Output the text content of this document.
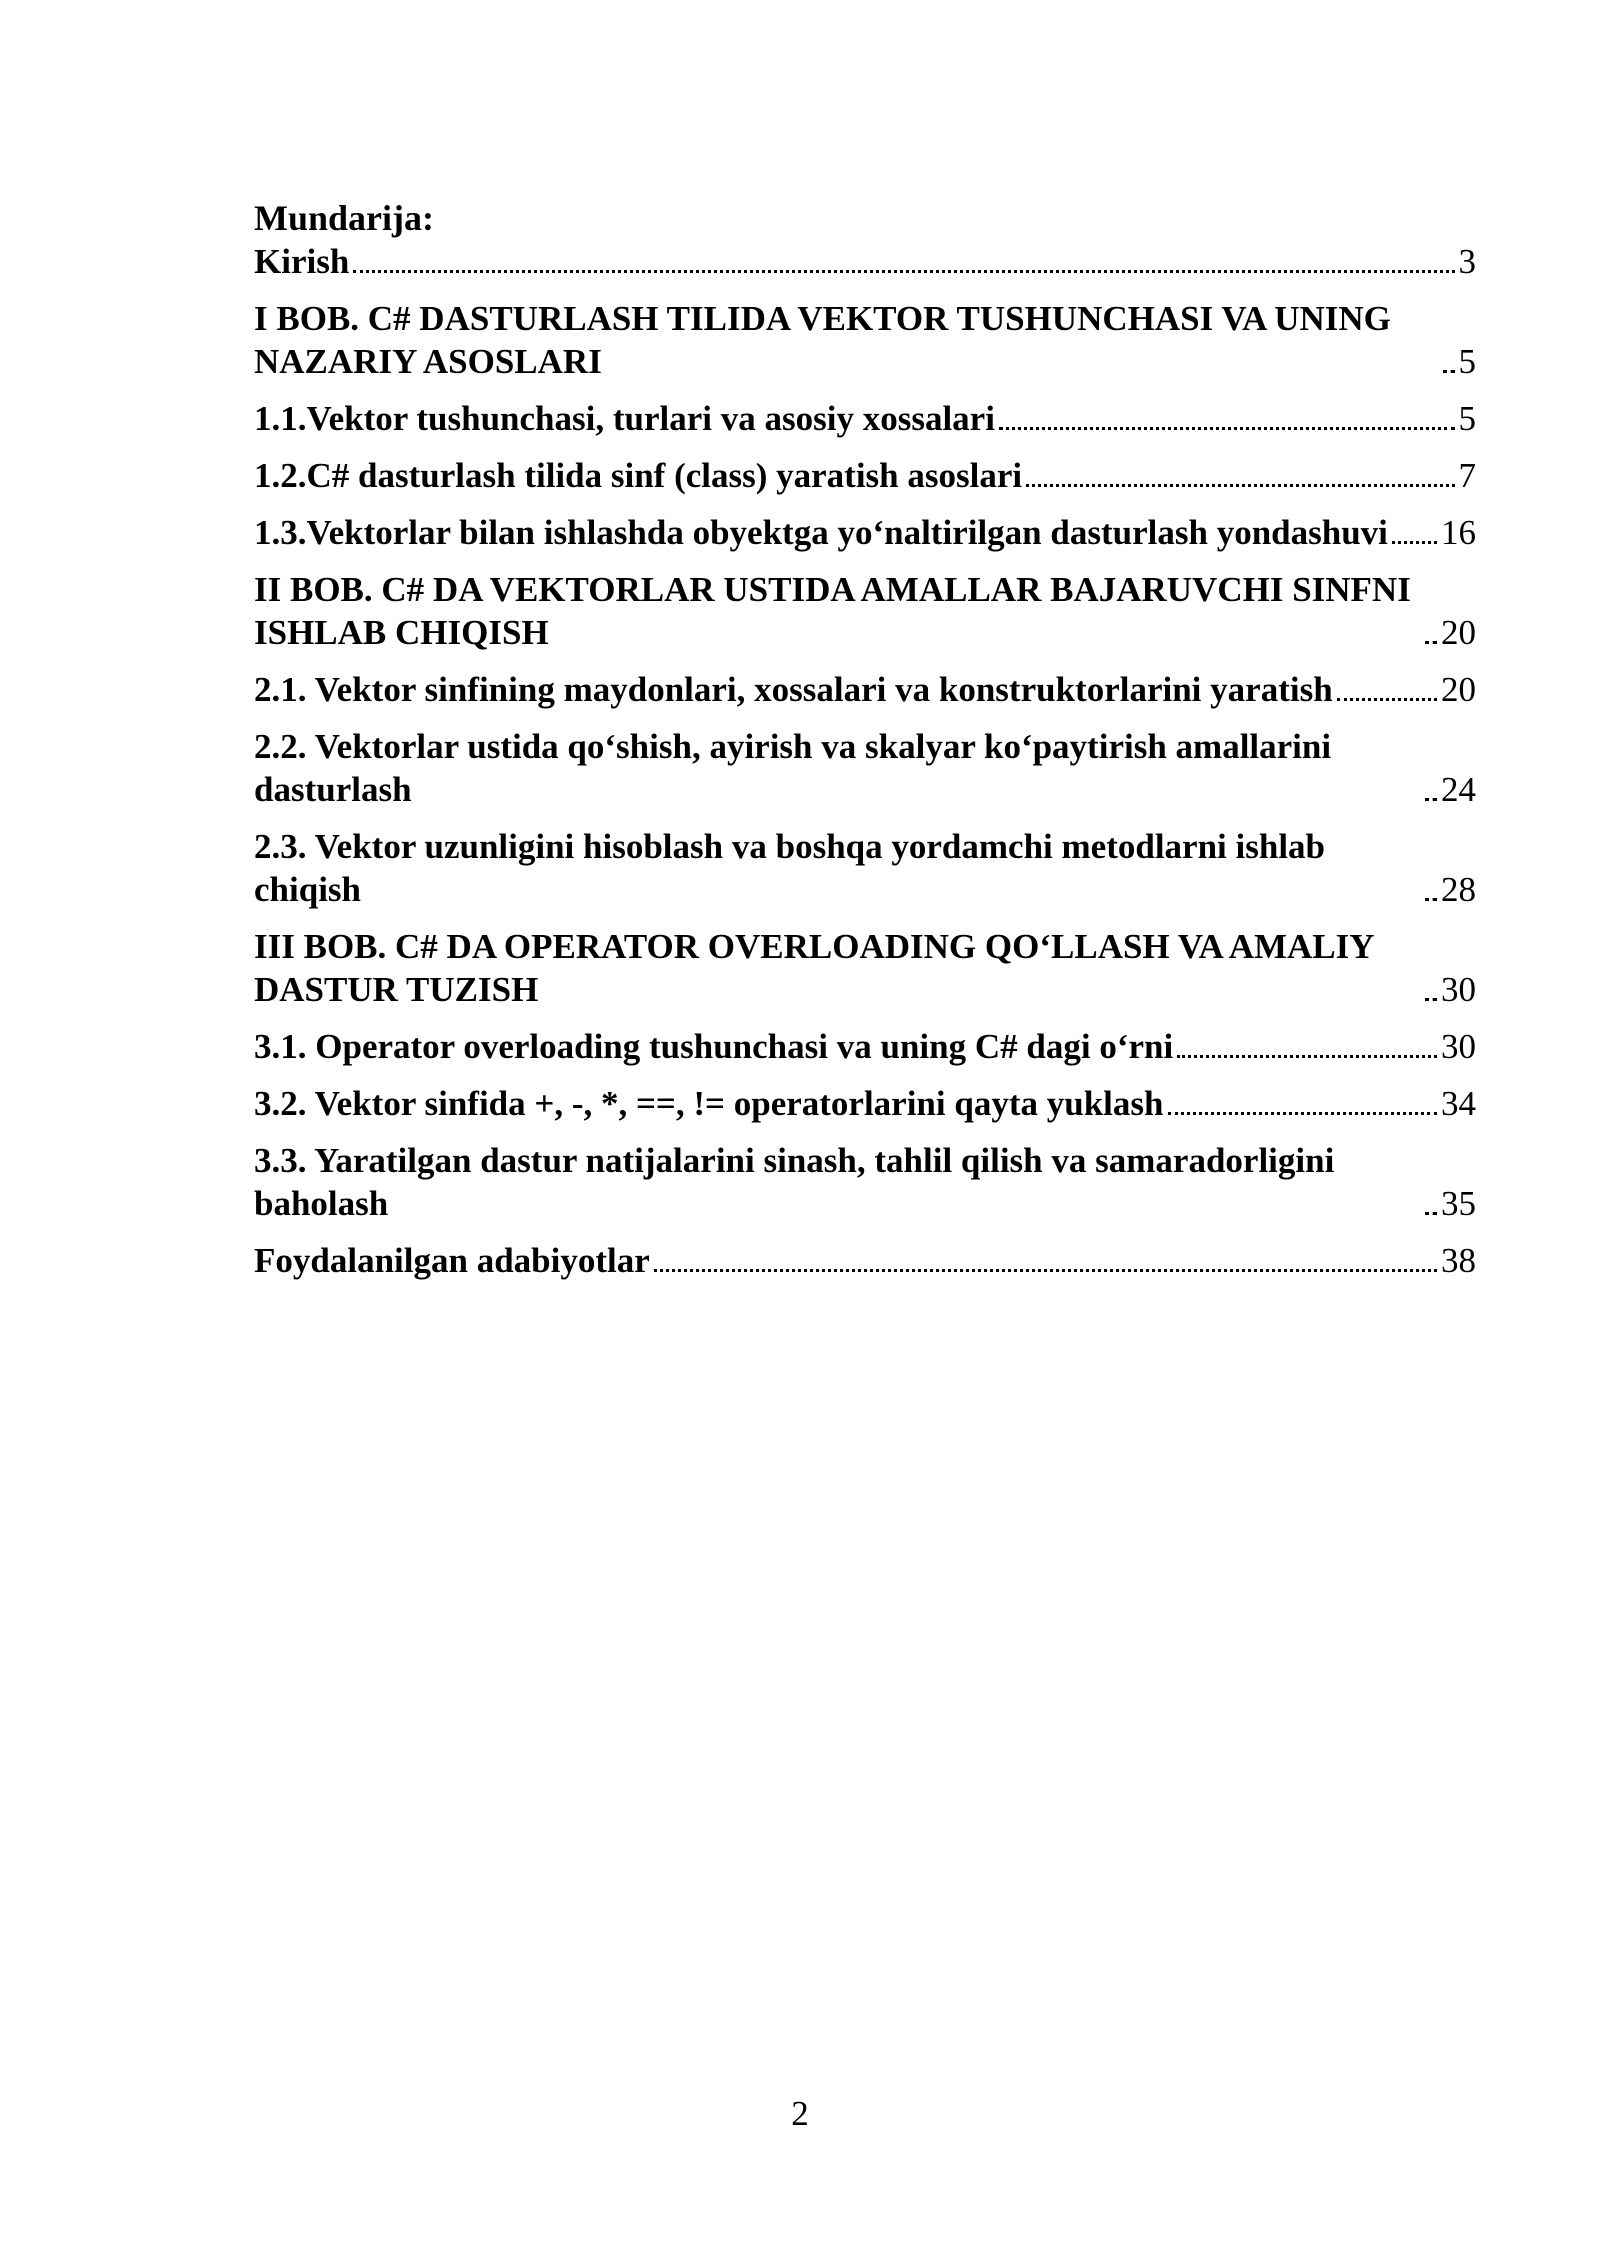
Mundarija:
Kirish	3
I BOB. C# DASTURLASH TILIDA VEKTOR TUSHUNCHASI VA UNING NAZARIY ASOSLARI	5
1.1.Vektor tushunchasi, turlari va asosiy xossalari	5
1.2.C# dasturlash tilida sinf (class) yaratish asoslari	7
1.3.Vektorlar bilan ishlashda obyektga yo‘naltirilgan dasturlash yondashuvi 16
II BOB. C# DA VEKTORLAR USTIDA AMALLAR BAJARUVCHI SINFNI ISHLAB CHIQISH	20
2.1. Vektor sinfining maydonlari, xossalari va konstruktorlarini yaratish	20
2.2. Vektorlar ustida qo‘shish, ayirish va skalyar ko‘paytirish amallarini dasturlash	24
2.3. Vektor uzunligini hisoblash va boshqa yordamchi metodlarni ishlab chiqish	28
III BOB. C# DA OPERATOR OVERLOADING QO‘LLASH VA AMALIY DASTUR TUZISH	30
3.1. Operator overloading tushunchasi va uning C# dagi o‘rni	30
3.2. Vektor sinfida +, -, *, ==, != operatorlarini qayta yuklash	34
3.3. Yaratilgan dastur natijalarini sinash, tahlil qilish va samaradorligini baholash	35
Foydalanilgan adabiyotlar	38
2
